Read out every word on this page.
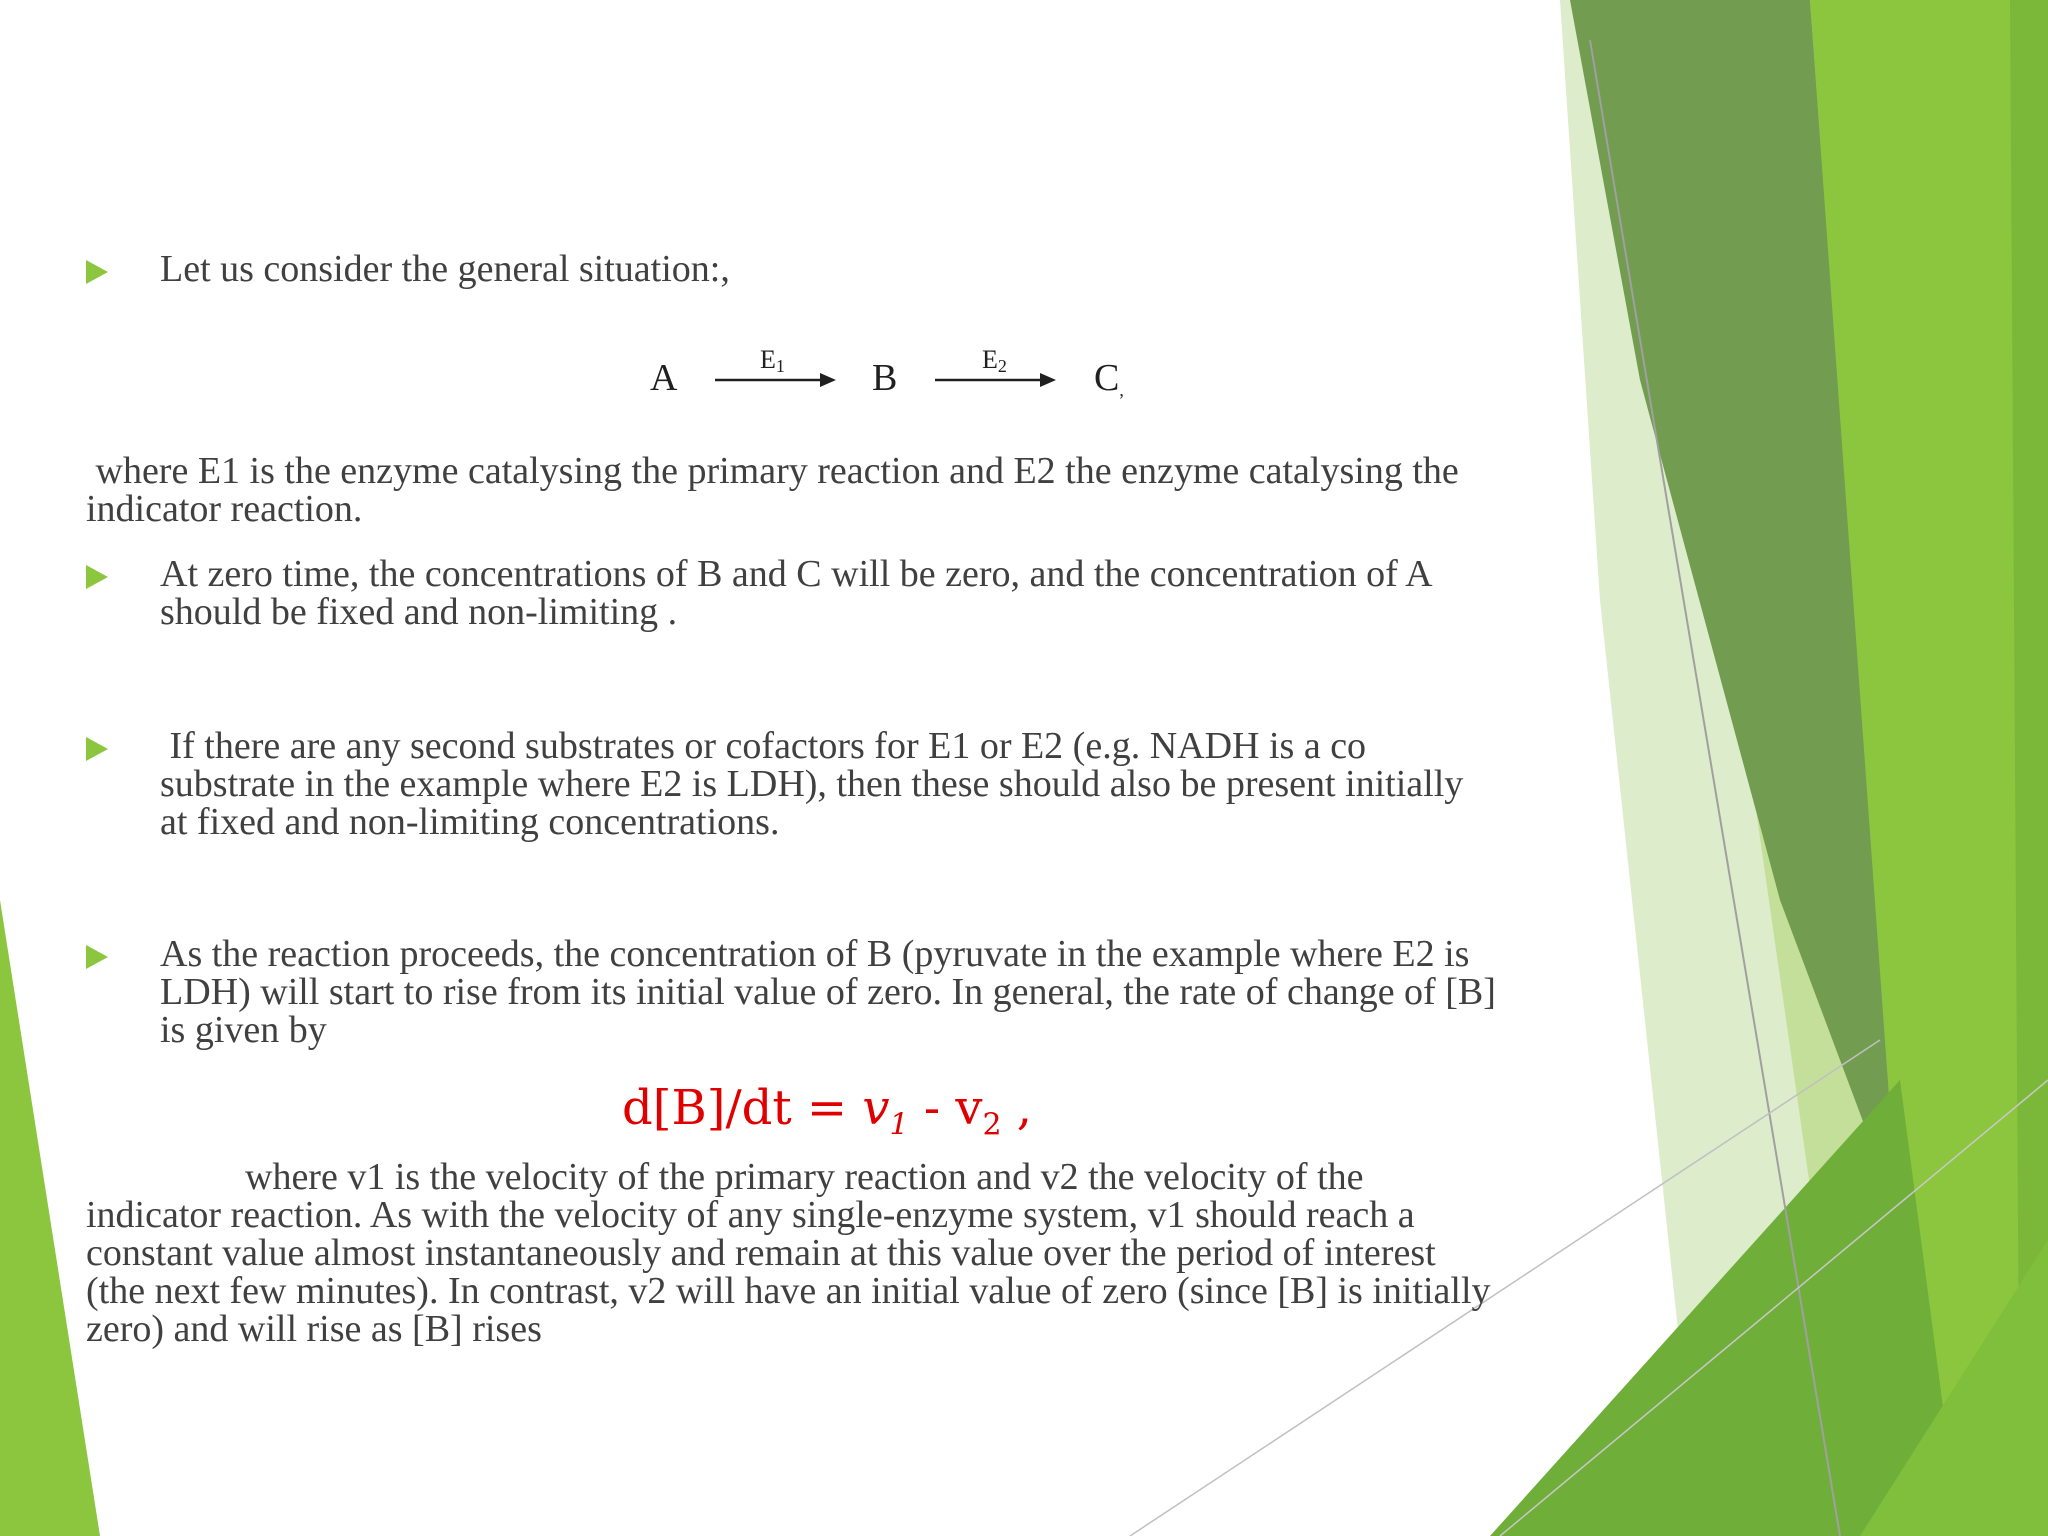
Let us consider the general situation:,

A	E1 B	E2 C,

where E1 is the enzyme catalysing the primary reaction and E2 the enzyme catalysing the

indicator reaction.

At zero time, the concentrations of B and C will be zero, and the concentration of A

should be fixed and non-limiting .

If there are any second substrates or cofactors for E1 or E2 (e.g. NADH is a co

substrate in the example where E2 is LDH), then these should also be present initially

at fixed and non-limiting concentrations.

As the reaction proceeds, the concentration of B (pyruvate in the example where E2 is

LDH) will start to rise from its initial value of zero. In general, the rate of change of [B]

is given by

$d[B]/dt = v_1 - v_2$ ,

where v1 is the velocity of the primary reaction and v2 the velocity of the

indicator reaction. As with the velocity of any single-enzyme system, v1 should reach a

constant value almost instantaneously and remain at this value over the period of interest

(the next few minutes). In contrast, v2 will have an initial value of zero (since [B] is initially

zero) and will rise as [B] rises
